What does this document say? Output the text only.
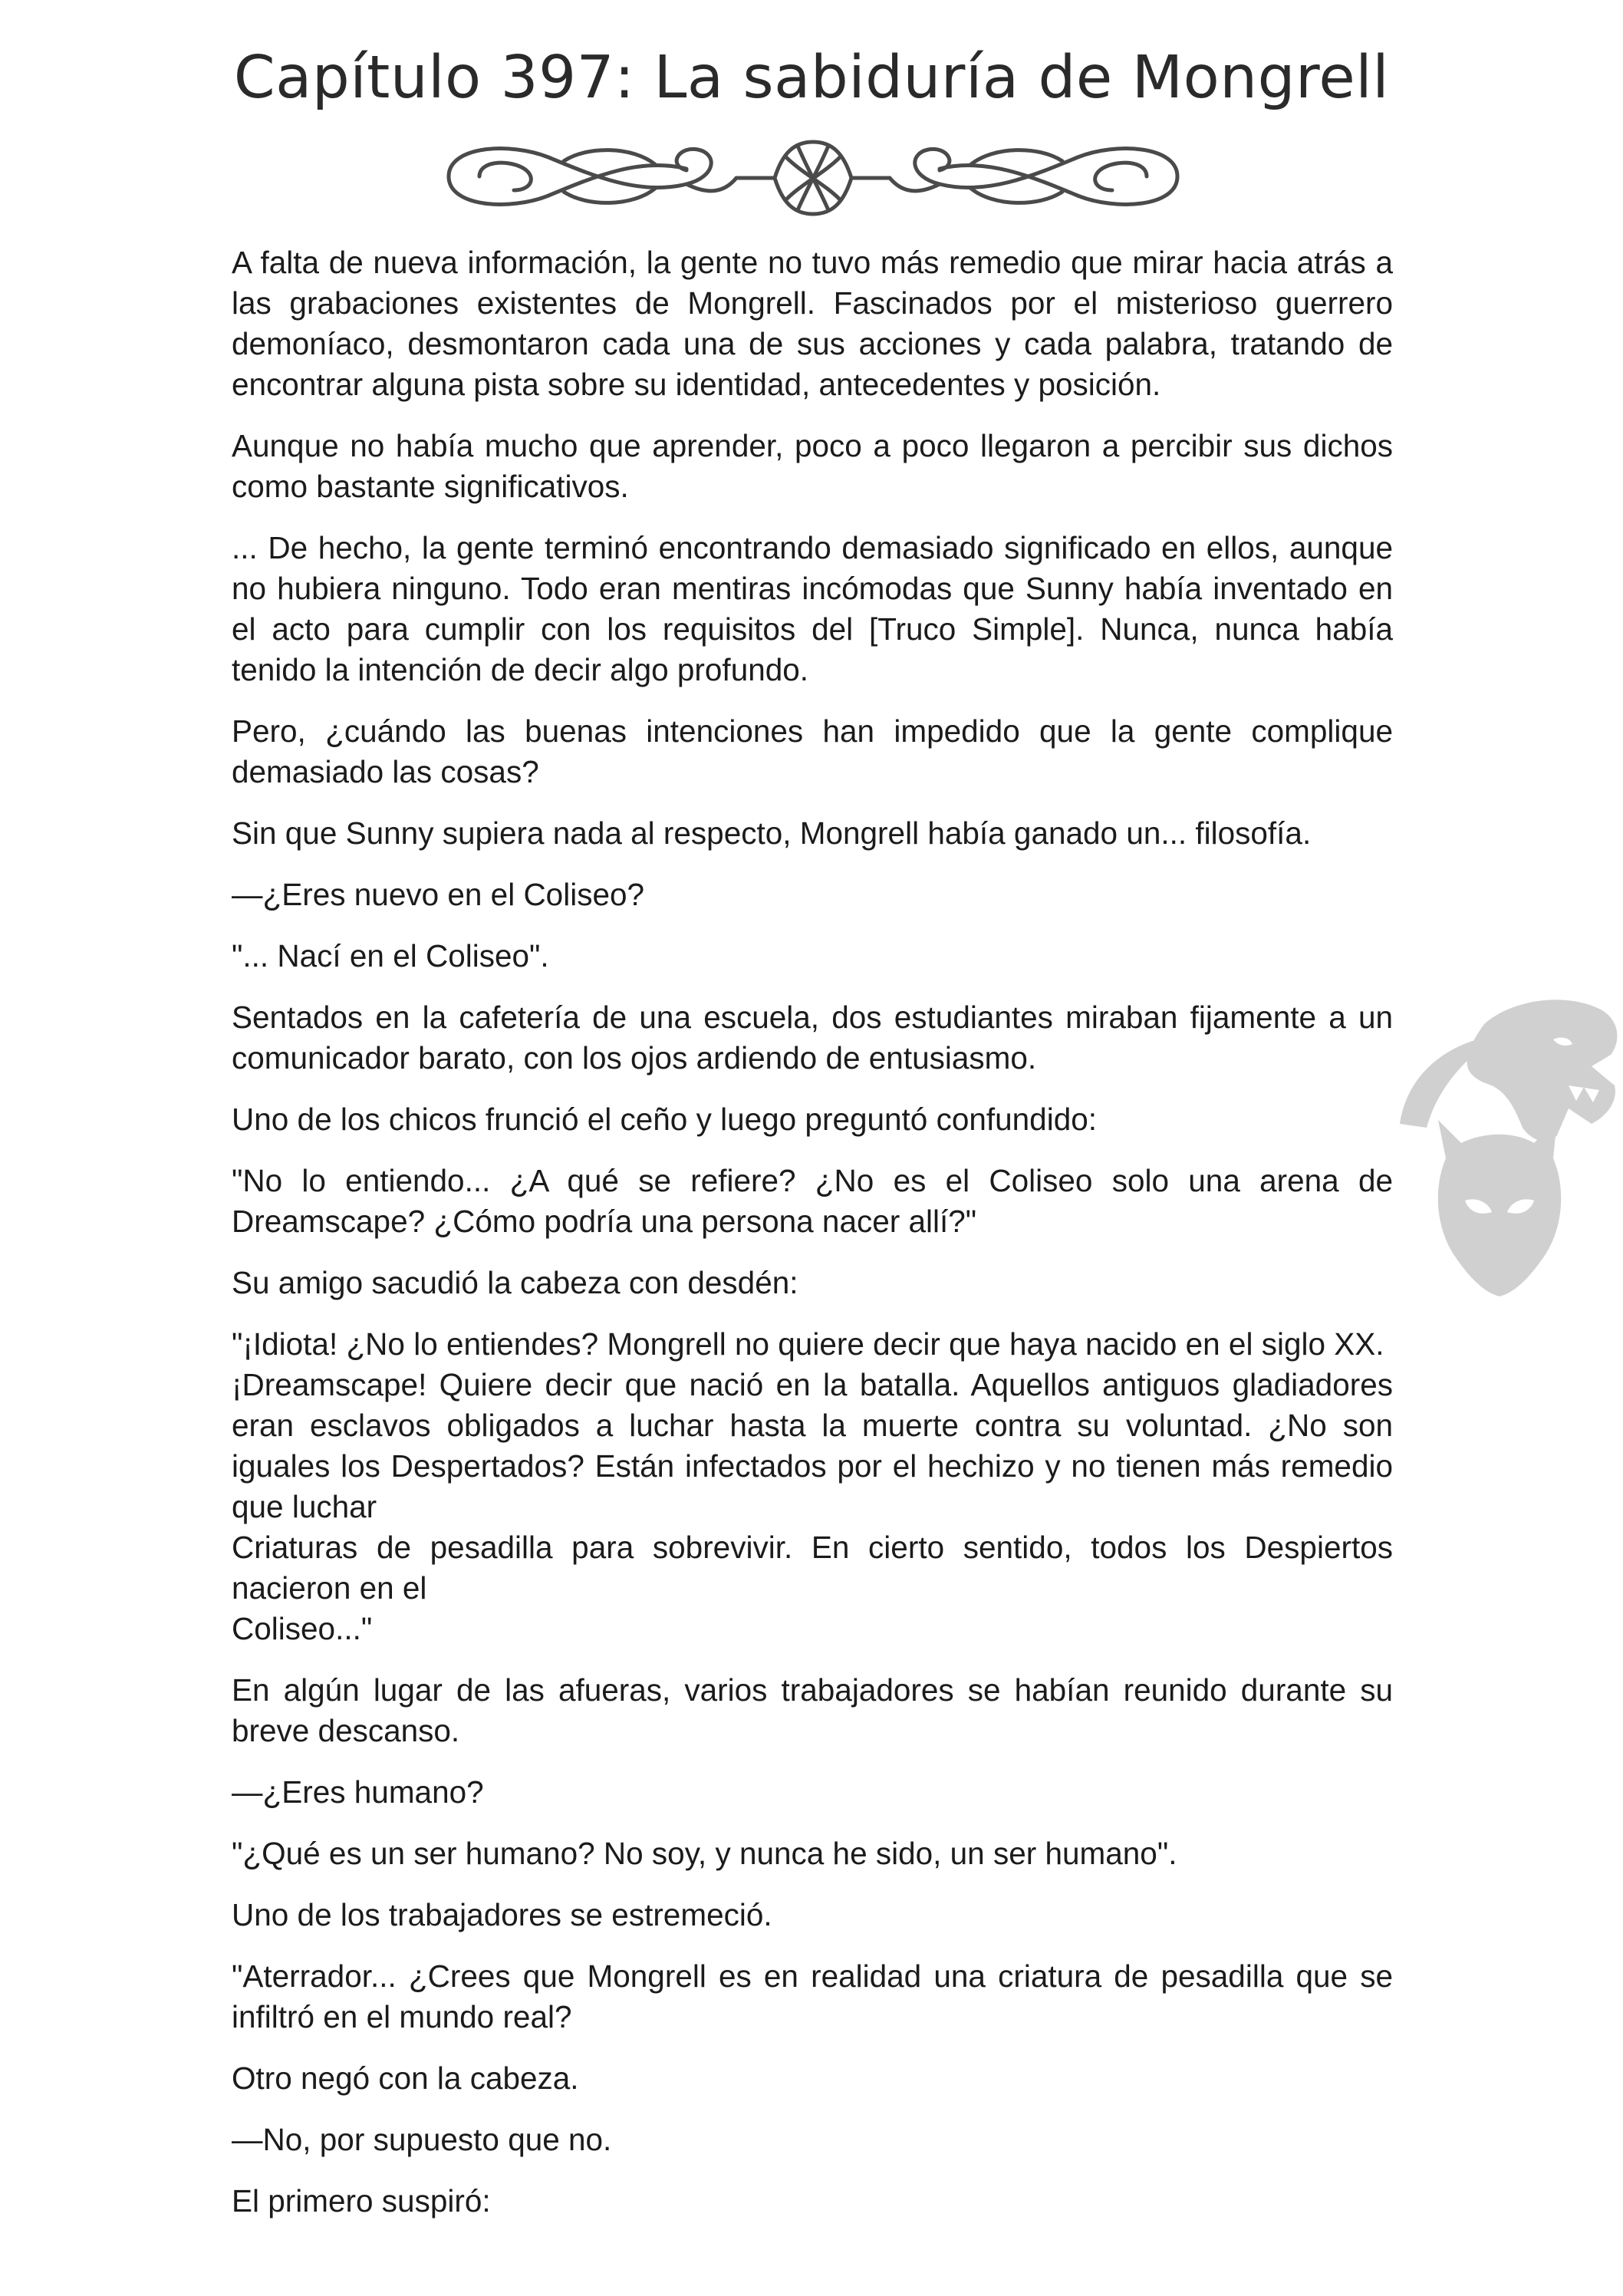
Capítulo 397: La sabiduría de Mongrell

A falta de nueva información, la gente no tuvo más remedio que mirar hacia atrás a las grabaciones existentes de Mongrell. Fascinados por el misterioso guerrero demoníaco, desmontaron cada una de sus acciones y cada palabra, tratando de encontrar alguna pista sobre su identidad, antecedentes y posición.

Aunque no había mucho que aprender, poco a poco llegaron a percibir sus dichos como bastante significativos.

... De hecho, la gente terminó encontrando demasiado significado en ellos, aunque no hubiera ninguno. Todo eran mentiras incómodas que Sunny había inventado en el acto para cumplir con los requisitos del [Truco Simple]. Nunca, nunca había tenido la intención de decir algo profundo.

Pero, ¿cuándo las buenas intenciones han impedido que la gente complique demasiado las cosas?

Sin que Sunny supiera nada al respecto, Mongrell había ganado un... filosofía.

—¿Eres nuevo en el Coliseo?

"... Nací en el Coliseo".

Sentados en la cafetería de una escuela, dos estudiantes miraban fijamente a un comunicador barato, con los ojos ardiendo de entusiasmo.

Uno de los chicos frunció el ceño y luego preguntó confundido:

"No lo entiendo... ¿A qué se refiere? ¿No es el Coliseo solo una arena de Dreamscape? ¿Cómo podría una persona nacer allí?"

Su amigo sacudió la cabeza con desdén:

"¡Idiota! ¿No lo entiendes? Mongrell no quiere decir que haya nacido en el siglo XX.

¡Dreamscape! Quiere decir que nació en la batalla. Aquellos antiguos gladiadores eran esclavos obligados a luchar hasta la muerte contra su voluntad. ¿No son iguales los Despertados? Están infectados por el hechizo y no tienen más remedio que luchar

Criaturas de pesadilla para sobrevivir. En cierto sentido, todos los Despiertos nacieron en el

Coliseo..."

En algún lugar de las afueras, varios trabajadores se habían reunido durante su breve descanso.

—¿Eres humano?

"¿Qué es un ser humano? No soy, y nunca he sido, un ser humano".

Uno de los trabajadores se estremeció.

"Aterrador... ¿Crees que Mongrell es en realidad una criatura de pesadilla que se infiltró en el mundo real?

Otro negó con la cabeza.

—No, por supuesto que no.

El primero suspiró:
